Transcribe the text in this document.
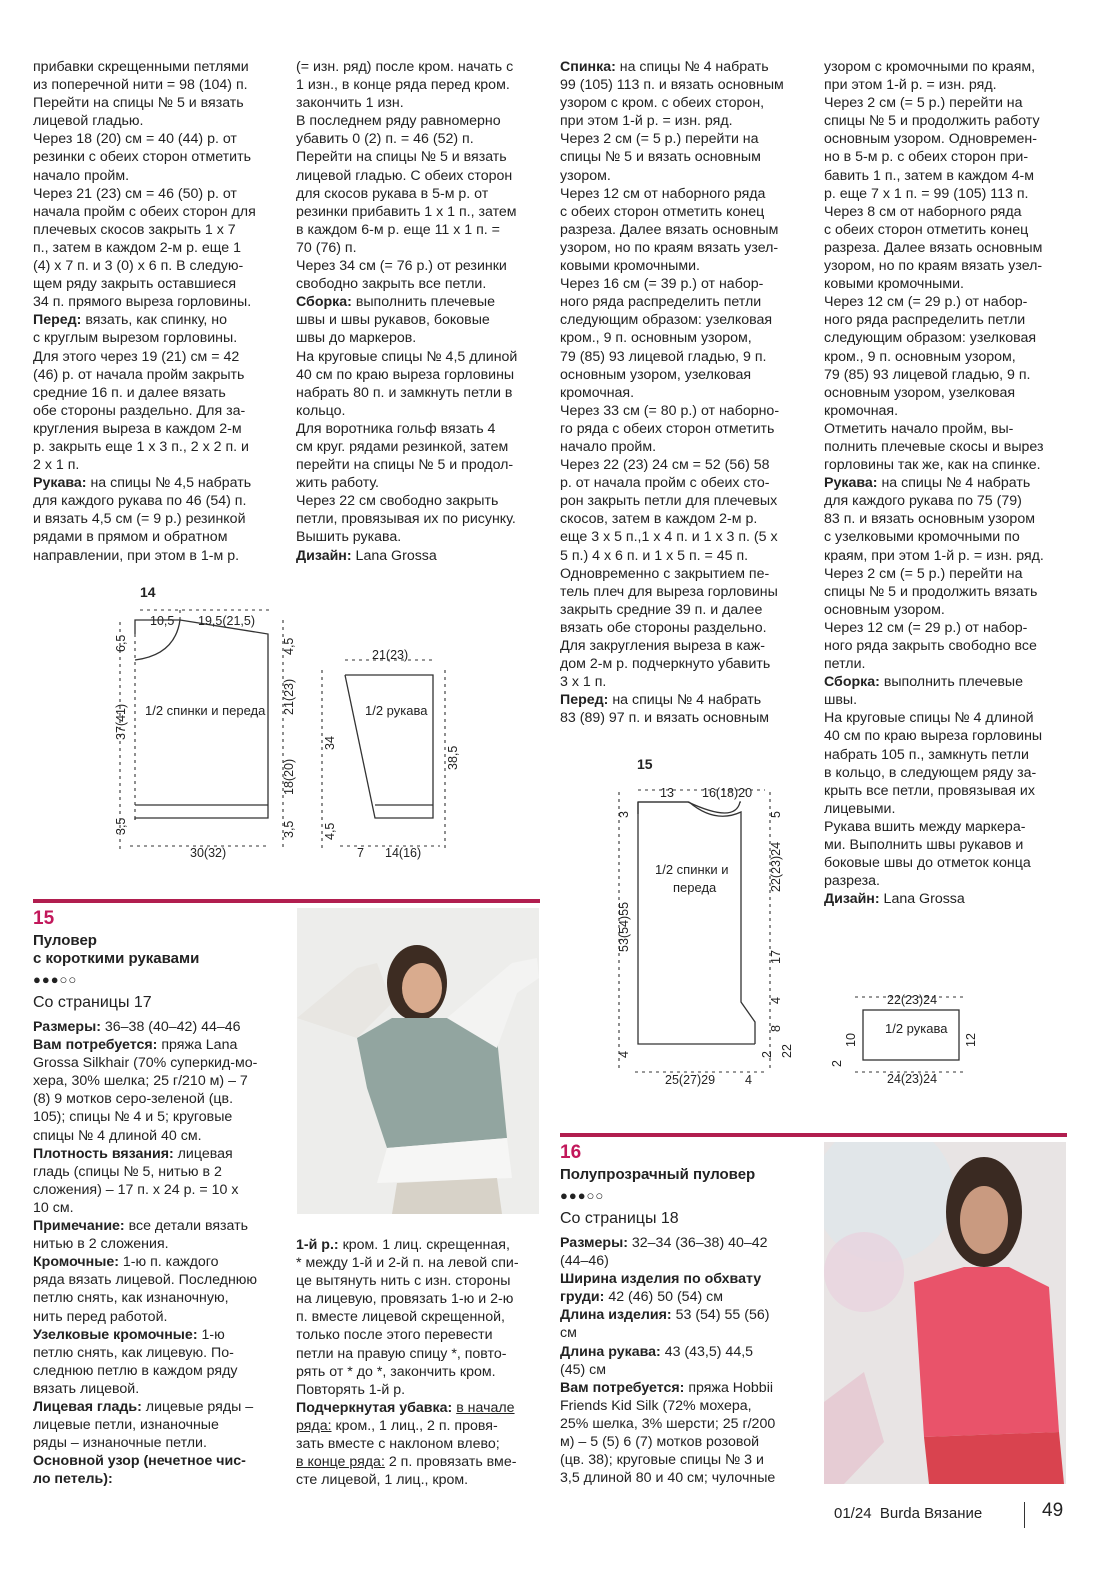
прибавки скрещенными петлями
из поперечной нити = 98 (104) п.
Перейти на спицы № 5 и вязать
лицевой гладью.
Через 18 (20) см = 40 (44) р. от
резинки с обеих сторон отметить
начало пройм.
Через 21 (23) см = 46 (50) р. от
начала пройм с обеих сторон для
плечевых скосов закрыть 1 х 7
п., затем в каждом 2-м р. еще 1
(4) х 7 п. и 3 (0) х 6 п. В следую-
щем ряду закрыть оставшиеся
34 п. прямого выреза горловины.

Перед: вязать, как спинку, но
с круглым вырезом горловины.
Для этого через 19 (21) см = 42
(46) р. от начала пройм закрыть
средние 16 п. и далее вязать
обе стороны раздельно. Для за-
кругления выреза в каждом 2-м
р. закрыть еще 1 х 3 п., 2 х 2 п. и
2 х 1 п.

Рукава: на спицы № 4,5 набрать
для каждого рукава по 46 (54) п.
и вязать 4,5 см (= 9 р.) резинкой
рядами в прямом и обратном
направлении, при этом в 1-м р.

(= изн. ряд) после кром. начать с
1 изн., в конце ряда перед кром.
закончить 1 изн.
В последнем ряду равномерно
убавить 0 (2) п. = 46 (52) п.
Перейти на спицы № 5 и вязать
лицевой гладью. С обеих сторон
для скосов рукава в 5-м р. от
резинки прибавить 1 х 1 п., затем
в каждом 6-м р. еще 11 х 1 п. =
70 (76) п.
Через 34 см (= 76 р.) от резинки
свободно закрыть все петли.

Сборка: выполнить плечевые
швы и швы рукавов, боковые
швы до маркеров.
На круговые спицы № 4,5 длиной
40 см по краю выреза горловины
набрать 80 п. и замкнуть петли в
кольцо.
Для воротника гольф вязать 4
см круг. рядами резинкой, затем
перейти на спицы № 5 и продол-
жить работу.
Через 22 см свободно закрыть
петли, провязывая их по рисунку.
Вышить рукава.

Дизайн: Lana Grossa

Спинка: на спицы № 4 набрать
99 (105) 113 п. и вязать основным
узором с кром. с обеих сторон,
при этом 1-й р. = изн. ряд.
Через 2 см (= 5 р.) перейти на
спицы № 5 и вязать основным
узором.
Через 12 см от наборного ряда
с обеих сторон отметить конец
разреза. Далее вязать основным
узором, но по краям вязать узел-
ковыми кромочными.
Через 16 см (= 39 р.) от набор-
ного ряда распределить петли
следующим образом: узелковая
кром., 9 п. основным узором,
79 (85) 93 лицевой гладью, 9 п.
основным узором, узелковая
кромочная.
Через 33 см (= 80 р.) от наборно-
го ряда с обеих сторон отметить
начало пройм.
Через 22 (23) 24 см = 52 (56) 58
р. от начала пройм с обеих сто-
рон закрыть петли для плечевых
скосов, затем в каждом 2-м р.
еще 3 х 5 п.,1 х 4 п. и 1 х 3 п. (5 х
5 п.) 4 х 6 п. и 1 х 5 п. = 45 п.
Одновременно с закрытием пе-
тель плеч для выреза горловины
закрыть средние 39 п. и далее
вязать обе стороны раздельно.
Для закругления выреза в каж-
дом 2-м р. подчеркнуто убавить
3 х 1 п.

Перед: на спицы № 4 набрать
83 (89) 97 п. и вязать основным

узором с кромочными по краям,
при этом 1-й р. = изн. ряд.
Через 2 см (= 5 р.) перейти на
спицы № 5 и продолжить работу
основным узором. Одновремен-
но в 5-м р. с обеих сторон при-
бавить 1 п., затем в каждом 4-м
р. еще 7 х 1 п. = 99 (105) 113 п.
Через 8 см от наборного ряда
с обеих сторон отметить конец
разреза. Далее вязать основным
узором, но по краям вязать узел-
ковыми кромочными.
Через 12 см (= 29 р.) от набор-
ного ряда распределить петли
следующим образом: узелковая
кром., 9 п. основным узором,
79 (85) 93 лицевой гладью, 9 п.
основным узором, узелковая
кромочная.
Отметить начало пройм, вы-
полнить плечевые скосы и вырез
горловины так же, как на спинке.

Рукава: на спицы № 4 набрать
для каждого рукава по 75 (79)
83 п. и вязать основным узором
с узелковыми кромочными по
краям, при этом 1-й р. = изн. ряд.
Через 2 см (= 5 р.) перейти на
спицы № 5 и продолжить вязать
основным узором.
Через 12 см (= 29 р.) от набор-
ного ряда закрыть свободно все
петли.

Сборка: выполнить плечевые
швы.
На круговые спицы № 4 длиной
40 см по краю выреза горловины
набрать 105 п., замкнуть петли
в кольцо, в следующем ряду за-
крыть все петли, провязывая их
лицевыми.
Рукава вшить между маркера-
ми. Выполнить швы рукавов и
боковые швы до отметок конца
разреза.

Дизайн: Lana Grossa

14
10,5 19,5(21,5)
1/2 спинки и переда
30(32)
6,5
37(41)
3,5
4,5
21(23)
18(20)
3,5
21(23)
1/2 рукава
34
4,5
38,5
7 14(16)
15
Пуловер
с короткими рукавами
●●●○○
Со страницы 17

Размеры: 36–38 (40–42) 44–46

Вам потребуется: пряжа Lana
Grossa Silkhair (70% суперкид-мо-
хера, 30% шелка; 25 г/210 м) – 7
(8) 9 мотков серо-зеленой (цв.
105); спицы № 4 и 5; круговые
спицы № 4 длиной 40 см.

Плотность вязания: лицевая
гладь (спицы № 5, нитью в 2
сложения) – 17 п. х 24 р. = 10 х
10 см.

Примечание: все детали вязать
нитью в 2 сложения.

Кромочные: 1-ю п. каждого
ряда вязать лицевой. Последнюю
петлю снять, как изнаночную,
нить перед работой.

Узелковые кромочные: 1-ю
петлю снять, как лицевую. По-
следнюю петлю в каждом ряду
вязать лицевой.

Лицевая гладь: лицевые ряды –
лицевые петли, изнаночные
ряды – изнаночные петли.

Основной узор (нечетное чис-
ло петель):

1-й р.: кром. 1 лиц. скрещенная,
* между 1-й и 2-й п. на левой спи-
це вытянуть нить с изн. стороны
на лицевую, провязать 1-ю и 2-ю
п. вместе лицевой скрещенной,
только после этого перевести
петли на правую спицу *, повто-
рять от * до *, закончить кром.
Повторять 1-й р.

Подчеркнутая убавка: в начале
ряда: кром., 1 лиц., 2 п. провя-
зать вместе с наклоном влево;
в конце ряда: 2 п. провязать вме-
сте лицевой, 1 лиц., кром.

15
1/2 спинки и
переда
13 16(18)20
25(27)29 4
3
53(54)55
4
5
22(23)24
17
4
8
2 22
22(23)24
24(23)24
1/2 рукава
10
2
12
16
Полупрозрачный пуловер
●●●○○
Со страницы 18

Размеры: 32–34 (36–38) 40–42
(44–46)

Ширина изделия по обхвату
груди: 42 (46) 50 (54) см

Длина изделия: 53 (54) 55 (56)
см

Длина рукава: 43 (43,5) 44,5
(45) см

Вам потребуется: пряжа Hobbii
Friends Kid Silk (72% мохера,
25% шелка, 3% шерсти; 25 г/200
м) – 5 (5) 6 (7) мотков розовой
(цв. 38); круговые спицы № 3 и
3,5 длиной 80 и 40 см; чулочные

01/24 Burda Вязание	49
